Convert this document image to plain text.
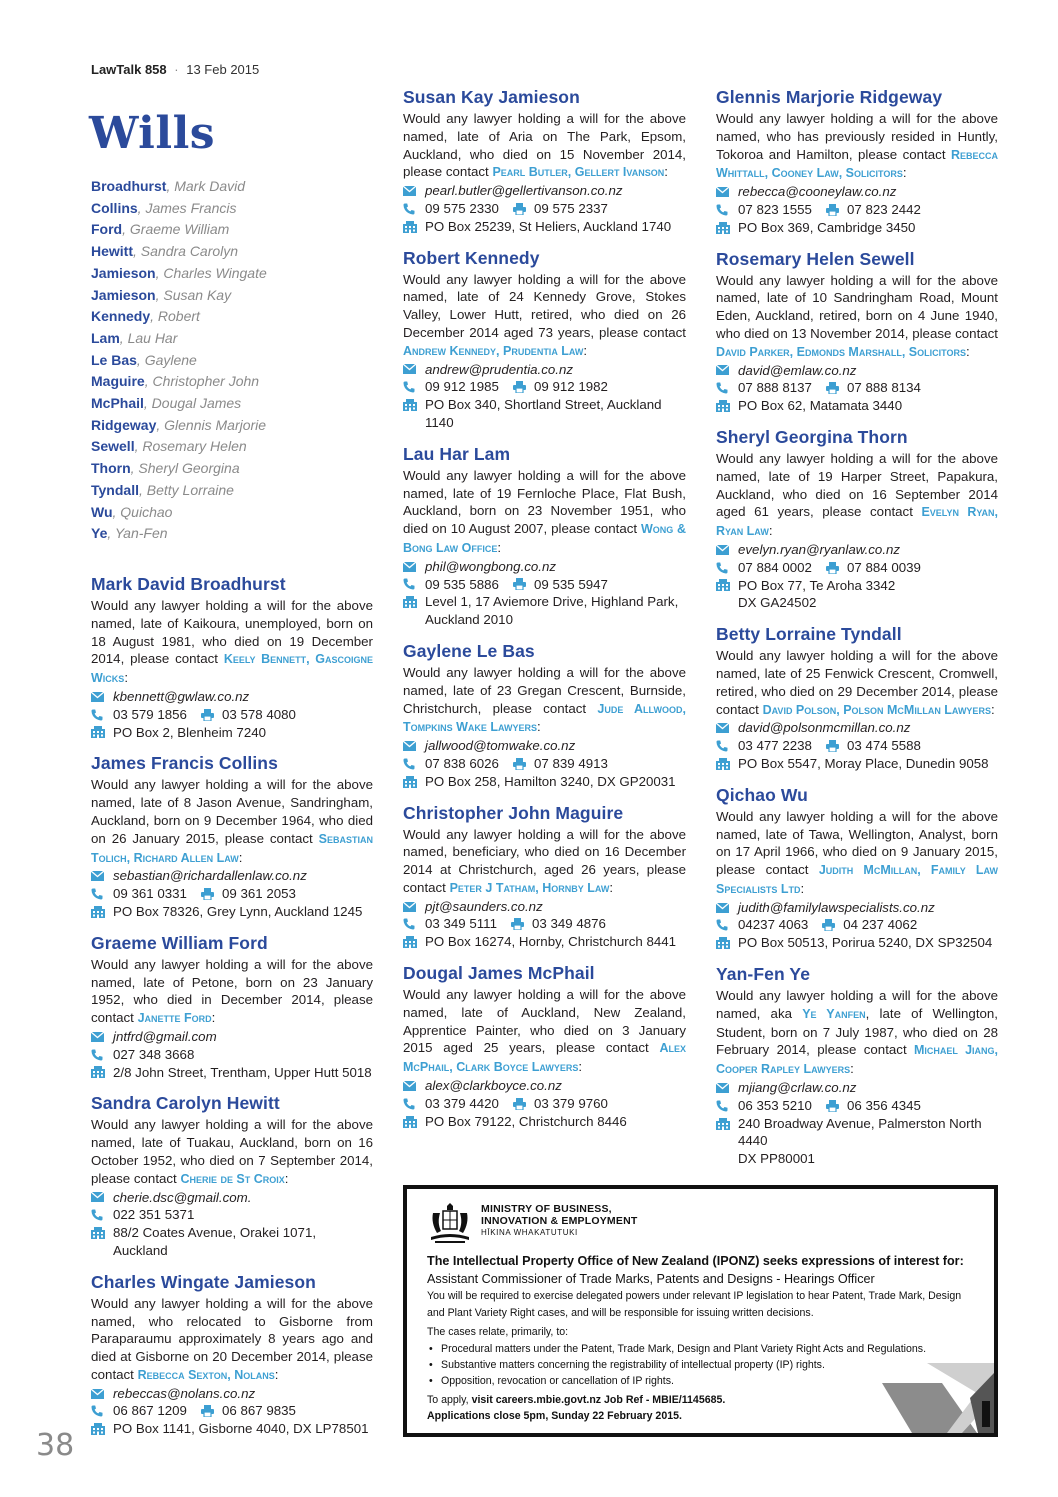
LawTalk 858 · 13 Feb 2015
Wills
Broadhurst, Mark David
Collins, James Francis
Ford, Graeme William
Hewitt, Sandra Carolyn
Jamieson, Charles Wingate
Jamieson, Susan Kay
Kennedy, Robert
Lam, Lau Har
Le Bas, Gaylene
Maguire, Christopher John
McPhail, Dougal James
Ridgeway, Glennis Marjorie
Sewell, Rosemary Helen
Thorn, Sheryl Georgina
Tyndall, Betty Lorraine
Wu, Quichao
Ye, Yan-Fen
Mark David Broadhurst

Would any lawyer holding a will for the above named, late of Kaikoura, unemployed, born on 18 August 1981, who died on 19 December 2014, please contact Keely Bennett, Gascoigne Wicks:

kbennett@gwlaw.co.nz
03 579 1856	03 578 4080
PO Box 2, Blenheim 7240
James Francis Collins

Would any lawyer holding a will for the above named, late of 8 Jason Avenue, Sandringham, Auckland, born on 9 December 1964, who died on 26 January 2015, please contact Sebastian Tolich, Richard Allen Law:

sebastian@richardallenlaw.co.nz
09 361 0331	09 361 2053
PO Box 78326, Grey Lynn, Auckland 1245
Graeme William Ford

Would any lawyer holding a will for the above named, late of Petone, born on 23 January 1952, who died in December 2014, please contact Janette Ford:

jntfrd@gmail.com
027 348 3668
2/8 John Street, Trentham, Upper Hutt 5018
Sandra Carolyn Hewitt

Would any lawyer holding a will for the above named, late of Tuakau, Auckland, born on 16 October 1952, who died on 7 September 2014, please contact Cherie de St Croix:

cherie.dsc@gmail.com.
022 351 5371
88/2 Coates Avenue, Orakei 1071, Auckland
Charles Wingate Jamieson

Would any lawyer holding a will for the above named, who relocated to Gisborne from Paraparaumu approximately 8 years ago and died at Gisborne on 20 December 2014, please contact Rebecca Sexton, Nolans:

rebeccas@nolans.co.nz
06 867 1209	06 867 9835
PO Box 1141, Gisborne 4040, DX LP78501
Susan Kay Jamieson

Would any lawyer holding a will for the above named, late of Aria on The Park, Epsom, Auckland, who died on 15 November 2014, please contact Pearl Butler, Gellert Ivanson:

pearl.butler@gellertivanson.co.nz
09 575 2330	09 575 2337
PO Box 25239, St Heliers, Auckland 1740
Robert Kennedy

Would any lawyer holding a will for the above named, late of 24 Kennedy Grove, Stokes Valley, Lower Hutt, retired, who died on 26 December 2014 aged 73 years, please contact Andrew Kennedy, Prudentia Law:

andrew@prudentia.co.nz
09 912 1985	09 912 1982
PO Box 340, Shortland Street, Auckland 1140
Lau Har Lam

Would any lawyer holding a will for the above named, late of 19 Fernloche Place, Flat Bush, Auckland, born on 23 November 1951, who died on 10 August 2007, please contact Wong & Bong Law Office:

phil@wongbong.co.nz
09 535 5886	09 535 5947
Level 1, 17 Aviemore Drive, Highland Park,
Auckland 2010
Gaylene Le Bas

Would any lawyer holding a will for the above named, late of 23 Gregan Crescent, Burnside, Christchurch, please contact Jude Allwood, Tompkins Wake Lawyers:

jallwood@tomwake.co.nz
07 838 6026	07 839 4913
PO Box 258, Hamilton 3240, DX GP20031
Christopher John Maguire

Would any lawyer holding a will for the above named, beneficiary, who died on 16 December 2014 at Christchurch, aged 26 years, please contact Peter J Tatham, Hornby Law:

pjt@saunders.co.nz
03 349 5111	03 349 4876
PO Box 16274, Hornby, Christchurch 8441
Dougal James McPhail

Would any lawyer holding a will for the above named, late of Auckland, New Zealand, Apprentice Painter, who died on 3 January 2015 aged 25 years, please contact Alex McPhail, Clark Boyce Lawyers:

alex@clarkboyce.co.nz
03 379 4420	03 379 9760
PO Box 79122, Christchurch 8446
Glennis Marjorie Ridgeway

Would any lawyer holding a will for the above named, who has previously resided in Huntly, Tokoroa and Hamilton, please contact Rebecca Whittall, Cooney Law, Solicitors:

rebecca@cooneylaw.co.nz
07 823 1555	07 823 2442
PO Box 369, Cambridge 3450
Rosemary Helen Sewell

Would any lawyer holding a will for the above named, late of 10 Sandringham Road, Mount Eden, Auckland, retired, born on 4 June 1940, who died on 13 November 2014, please contact David Parker, Edmonds Marshall, Solicitors:

david@emlaw.co.nz
07 888 8137	07 888 8134
PO Box 62, Matamata 3440
Sheryl Georgina Thorn

Would any lawyer holding a will for the above named, late of 19 Harper Street, Papakura, Auckland, who died on 16 September 2014 aged 61 years, please contact Evelyn Ryan, Ryan Law:

evelyn.ryan@ryanlaw.co.nz
07 884 0002	07 884 0039
PO Box 77, Te Aroha 3342
DX GA24502
Betty Lorraine Tyndall

Would any lawyer holding a will for the above named, late of 25 Fenwick Crescent, Cromwell, retired, who died on 29 December 2014, please contact David Polson, Polson McMillan Lawyers:

david@polsonmcmillan.co.nz
03 477 2238	03 474 5588
PO Box 5547, Moray Place, Dunedin 9058
Qichao Wu

Would any lawyer holding a will for the above named, late of Tawa, Wellington, Analyst, born on 17 April 1966, who died on 9 January 2015, please contact Judith McMillan, Family Law Specialists Ltd:

judith@familylawspecialists.co.nz
04237 4063	04 237 4062
PO Box 50513, Porirua 5240, DX SP32504
Yan-Fen Ye

Would any lawyer holding a will for the above named, aka Ye Yanfen, late of Wellington, Student, born on 7 July 1987, who died on 28 February 2014, please contact Michael Jiang, Cooper Rapley Lawyers:

mjiang@crlaw.co.nz
06 353 5210	06 356 4345
240 Broadway Avenue, Palmerston North 4440
DX PP80001
MINISTRY OF BUSINESS,
INNOVATION & EMPLOYMENT
HĪKINA WHAKATUTUKI
The Intellectual Property Office of New Zealand (IPONZ) seeks expressions of interest for:
Assistant Commissioner of Trade Marks, Patents and Designs - Hearings Officer
You will be required to exercise delegated powers under relevant IP legislation to hear Patent, Trade Mark, Design and Plant Variety Right cases, and will be responsible for issuing written decisions.
The cases relate, primarily, to:
• Procedural matters under the Patent, Trade Mark, Design and Plant Variety Right Acts and Regulations.
• Substantive matters concerning the registrability of intellectual property (IP) rights.
• Opposition, revocation or cancellation of IP rights.
To apply, visit careers.mbie.govt.nz Job Ref - MBIE/1145685.
Applications close 5pm, Sunday 22 February 2015.
38
